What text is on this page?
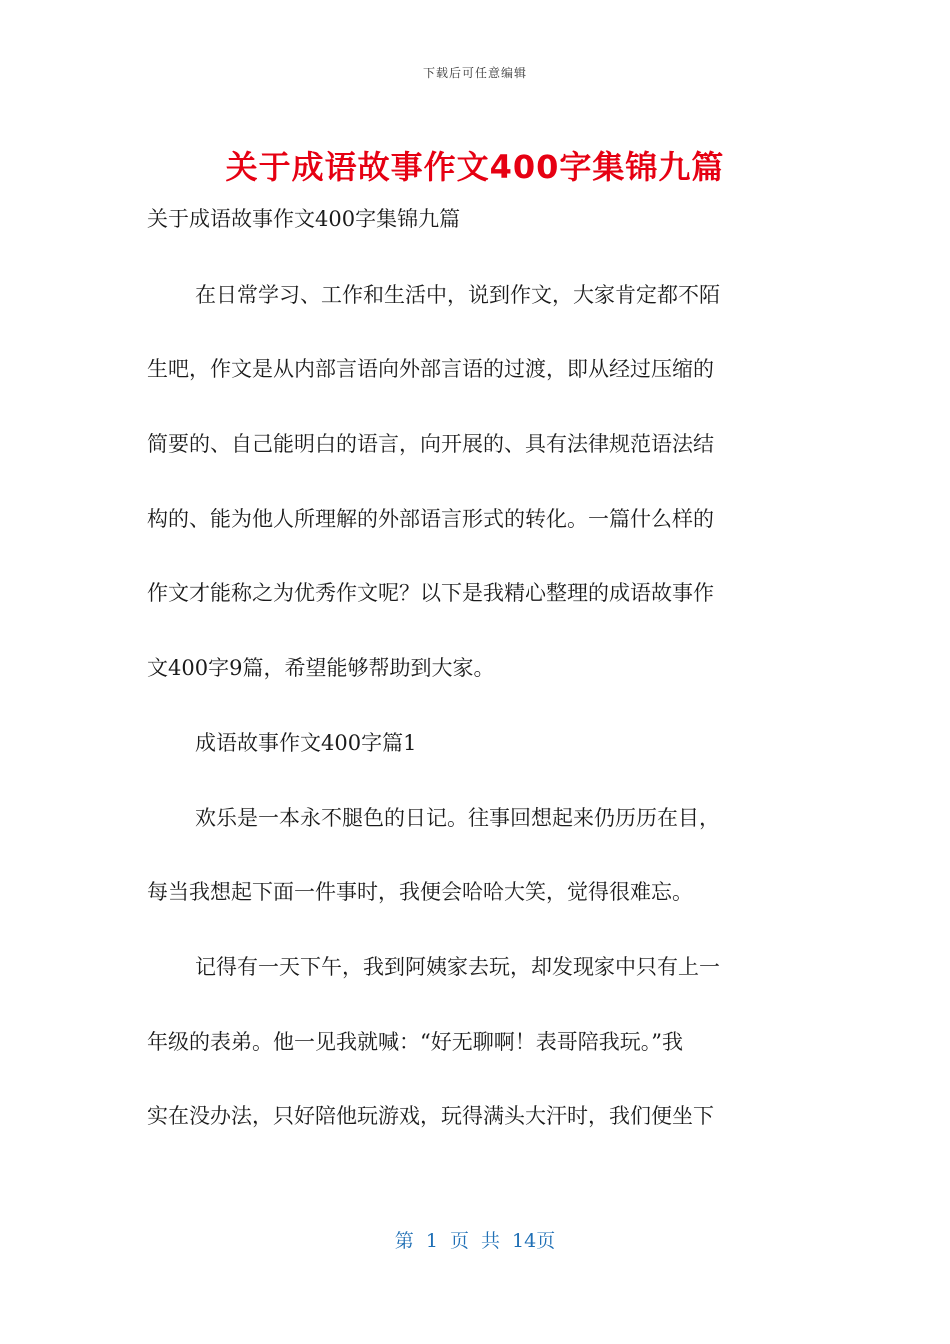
下载后可任意编辑
关于成语故事作文400字集锦九篇
关于成语故事作文400字集锦九篇
在日常学习、工作和生活中，说到作文，大家肯定都不陌
生吧，作文是从内部言语向外部言语的过渡，即从经过压缩的
简要的、自己能明白的语言，向开展的、具有法律规范语法结
构的、能为他人所理解的外部语言形式的转化。一篇什么样的
作文才能称之为优秀作文呢？以下是我精心整理的成语故事作
文400字9篇，希望能够帮助到大家。
成语故事作文400字篇1
欢乐是一本永不腿色的日记。往事回想起来仍历历在目，
每当我想起下面一件事时，我便会哈哈大笑，觉得很难忘。
记得有一天下午，我到阿姨家去玩，却发现家中只有上一
年级的表弟。他一见我就喊：“好无聊啊！表哥陪我玩。”我
实在没办法，只好陪他玩游戏，玩得满头大汗时，我们便坐下
第 1 页 共 14页
